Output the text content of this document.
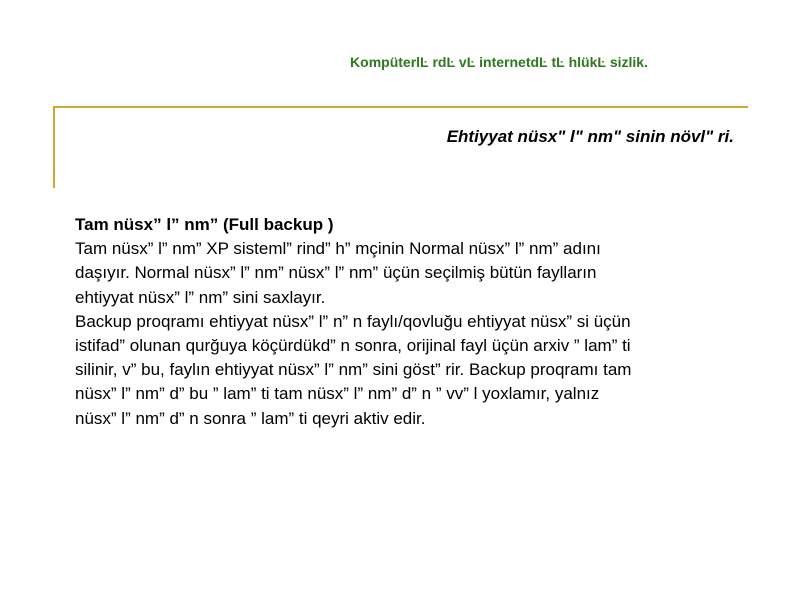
KompüterlĿ rdĿ vĿ internetdĿ tĿ hlükĿ sizlik.
Ehtiyyat nüsx" l" nm" sinin növl" ri.
Tam nüsx” l” nm” (Full backup )
Tam nüsx” l” nm” XP sisteml” rind” h” mçinin Normal nüsx” l” nm” adını
daşıyır. Normal nüsx” l” nm” nüsx” l” nm” üçün seçilmiş bütün faylların
ehtiyyat nüsx” l” nm” sini saxlayır.
Backup proqramı ehtiyyat nüsx” l” n” n faylı/qovluğu ehtiyyat nüsx” si üçün
istifad” olunan qurğuya köçürdükd” n sonra, orijinal fayl üçün arxiv ” lam” ti
silinir, v” bu, faylın ehtiyyat nüsx” l” nm” sini göst” rir. Backup proqramı tam
nüsx” l” nm” d” bu ” lam” ti tam nüsx” l” nm” d” n ” vv” l yoxlamır, yalnız
nüsx” l” nm” d” n sonra ” lam” ti qeyri aktiv edir.
